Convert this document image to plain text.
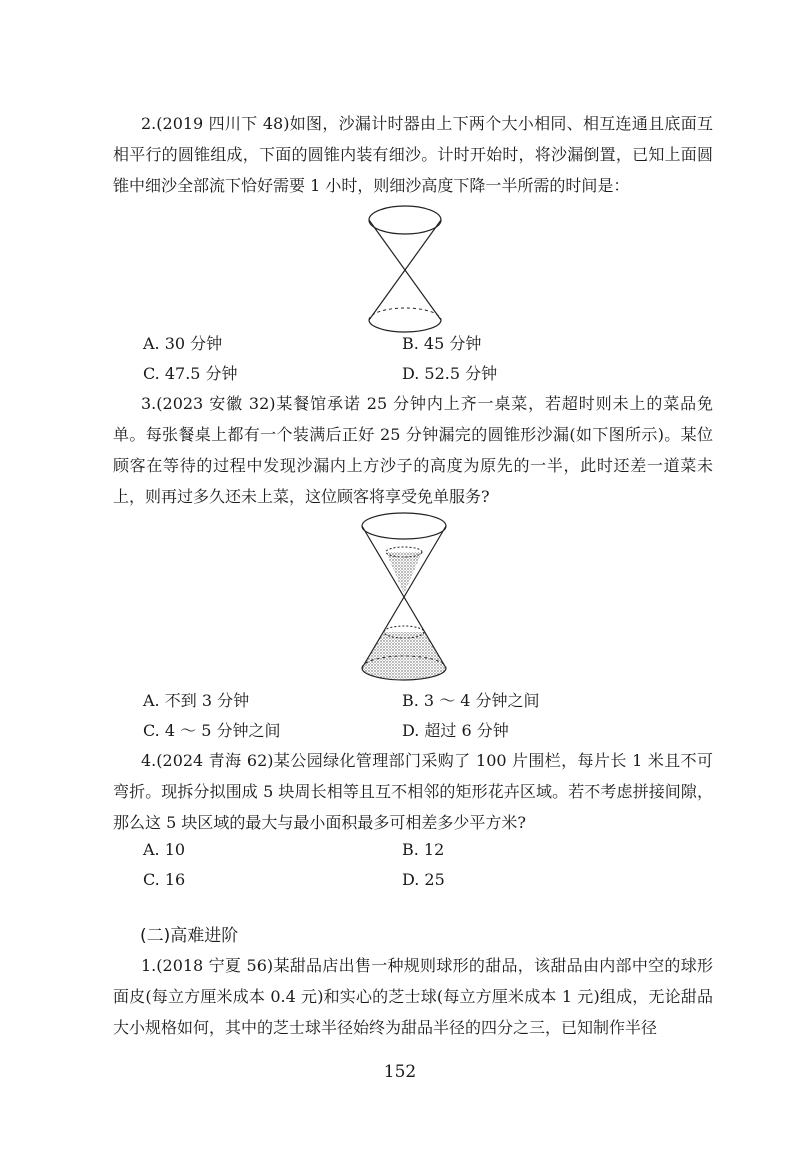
2.(2019 四川下 48)如图，沙漏计时器由上下两个大小相同、相互连通且底面互相平行的圆锥组成，下面的圆锥内装有细沙。计时开始时，将沙漏倒置，已知上面圆锥中细沙全部流下恰好需要 1 小时，则细沙高度下降一半所需的时间是：

A. 30 分钟	B. 45 分钟
C. 47.5 分钟	D. 52.5 分钟

3.(2023 安徽 32)某餐馆承诺 25 分钟内上齐一桌菜，若超时则未上的菜品免单。每张餐桌上都有一个装满后正好 25 分钟漏完的圆锥形沙漏(如下图所示)。某位顾客在等待的过程中发现沙漏内上方沙子的高度为原先的一半，此时还差一道菜未上，则再过多久还未上菜，这位顾客将享受免单服务?

A. 不到 3 分钟	B. 3 ～ 4 分钟之间
C. 4 ～ 5 分钟之间	D. 超过 6 分钟

4.(2024 青海 62)某公园绿化管理部门采购了 100 片围栏，每片长 1 米且不可弯折。现拆分拟围成 5 块周长相等且互不相邻的矩形花卉区域。若不考虑拼接间隙，那么这 5 块区域的最大与最小面积最多可相差多少平方米?

A. 10	B. 12
C. 16	D. 25
(二)高难进阶

1.(2018 宁夏 56)某甜品店出售一种规则球形的甜品，该甜品由内部中空的球形面皮(每立方厘米成本 0.4 元)和实心的芝士球(每立方厘米成本 1 元)组成，无论甜品大小规格如何，其中的芝士球半径始终为甜品半径的四分之三，已知制作半径

152
